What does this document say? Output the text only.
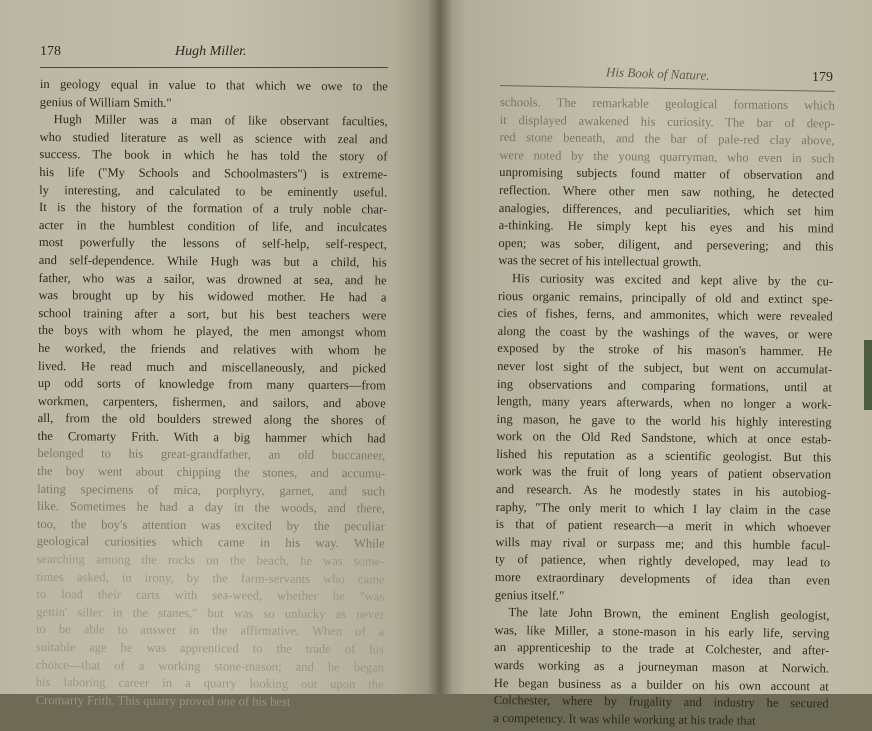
178	Hugh Miller.
in geology equal in value to that which we owe to the
genius of William Smith."
Hugh Miller was a man of like observant faculties,
who studied literature as well as science with zeal and
success. The book in which he has told the story of
his life ("My Schools and Schoolmasters") is extreme-
ly interesting, and calculated to be eminently useful.
It is the history of the formation of a truly noble char-
acter in the humblest condition of life, and inculcates
most powerfully the lessons of self-help, self-respect,
and self-dependence. While Hugh was but a child, his
father, who was a sailor, was drowned at sea, and he
was brought up by his widowed mother. He had a
school training after a sort, but his best teachers were
the boys with whom he played, the men amongst whom
he worked, the friends and relatives with whom he
lived. He read much and miscellaneously, and picked
up odd sorts of knowledge from many quarters—from
workmen, carpenters, fishermen, and sailors, and above
all, from the old boulders strewed along the shores of
the Cromarty Frith. With a big hammer which had
belonged to his great-grandfather, an old buccaneer,
the boy went about chipping the stones, and accumu-
lating specimens of mica, porphyry, garnet, and such
like. Sometimes he had a day in the woods, and there,
too, the boy's attention was excited by the peculiar
geological curiosities which came in his way. While
searching among the rocks on the beach, he was some-
times asked, in irony, by the farm-servants who came
to load their carts with sea-weed, whether he "was
gettin' siller in the stanes," but was so unlucky as never
to be able to answer in the affirmative. When of a
suitable age he was apprenticed to the trade of his
choice—that of a working stone-mason; and he began
his laboring career in a quarry looking out upon the
Cromarty Frith. This quarry proved one of his best
His Book of Nature.	179
schools. The remarkable geological formations which
it displayed awakened his curiosity. The bar of deep-
red stone beneath, and the bar of pale-red clay above,
were noted by the young quarryman, who even in such
unpromising subjects found matter of observation and
reflection. Where other men saw nothing, he detected
analogies, differences, and peculiarities, which set him
a-thinking. He simply kept his eyes and his mind
open; was sober, diligent, and persevering; and this
was the secret of his intellectual growth.
His curiosity was excited and kept alive by the cu-
rious organic remains, principally of old and extinct spe-
cies of fishes, ferns, and ammonites, which were revealed
along the coast by the washings of the waves, or were
exposed by the stroke of his mason's hammer. He
never lost sight of the subject, but went on accumulat-
ing observations and comparing formations, until at
length, many years afterwards, when no longer a work-
ing mason, he gave to the world his highly interesting
work on the Old Red Sandstone, which at once estab-
lished his reputation as a scientific geologist. But this
work was the fruit of long years of patient observation
and research. As he modestly states in his autobiog-
raphy, "The only merit to which I lay claim in the case
is that of patient research—a merit in which whoever
wills may rival or surpass me; and this humble facul-
ty of patience, when rightly developed, may lead to
more extraordinary developments of idea than even
genius itself."
The late John Brown, the eminent English geologist,
was, like Miller, a stone-mason in his early life, serving
an apprenticeship to the trade at Colchester, and after-
wards working as a journeyman mason at Norwich.
He began business as a builder on his own account at
Colchester, where by frugality and industry he secured
a competency. It was while working at his trade that
